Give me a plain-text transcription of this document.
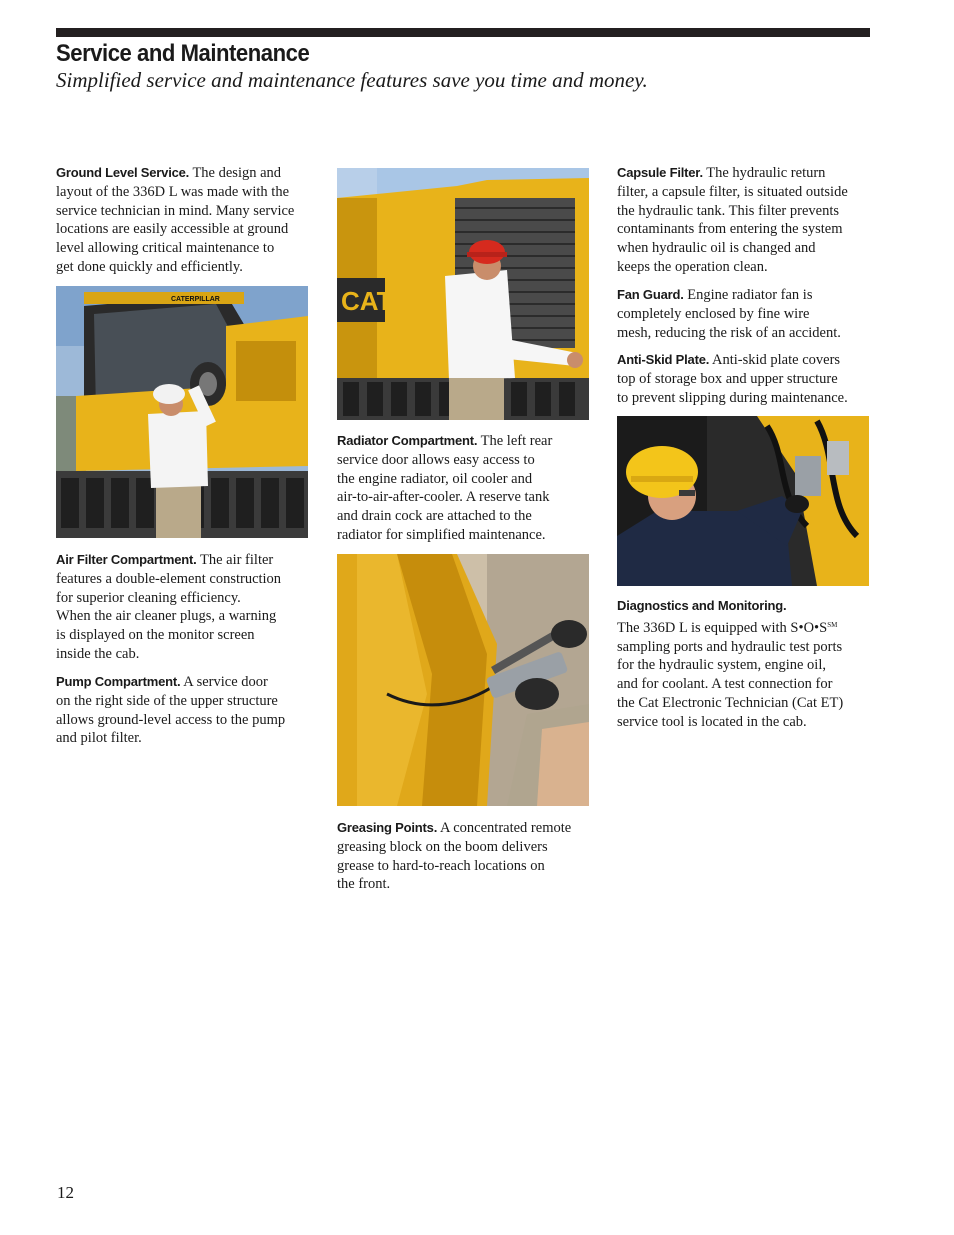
Service and Maintenance

Simplified service and maintenance features save you time and money.

Ground Level Service. The design and
layout of the 336D L was made with the
service technician in mind. Many service
locations are easily accessible at ground
level allowing critical maintenance to
get done quickly and efficiently.

CATERPILLAR

Air Filter Compartment. The air filter
features a double-element construction
for superior cleaning efficiency.
When the air cleaner plugs, a warning
is displayed on the monitor screen
inside the cab.

Pump Compartment. A service door
on the right side of the upper structure
allows ground-level access to the pump
and pilot filter.

CAT

Radiator Compartment. The left rear
service door allows easy access to
the engine radiator, oil cooler and
air-to-air-after-cooler. A reserve tank
and drain cock are attached to the
radiator for simplified maintenance.

Greasing Points. A concentrated remote
greasing block on the boom delivers
grease to hard-to-reach locations on
the front.

Capsule Filter. The hydraulic return
filter, a capsule filter, is situated outside
the hydraulic tank. This filter prevents
contaminants from entering the system
when hydraulic oil is changed and
keeps the operation clean.

Fan Guard. Engine radiator fan is
completely enclosed by fine wire
mesh, reducing the risk of an accident.

Anti-Skid Plate. Anti-skid plate covers
top of storage box and upper structure
to prevent slipping during maintenance.

Diagnostics and Monitoring.
The 336D L is equipped with S•O•S℠
sampling ports and hydraulic test ports
for the hydraulic system, engine oil,
and for coolant. A test connection for
the Cat Electronic Technician (Cat ET)
service tool is located in the cab.

12
